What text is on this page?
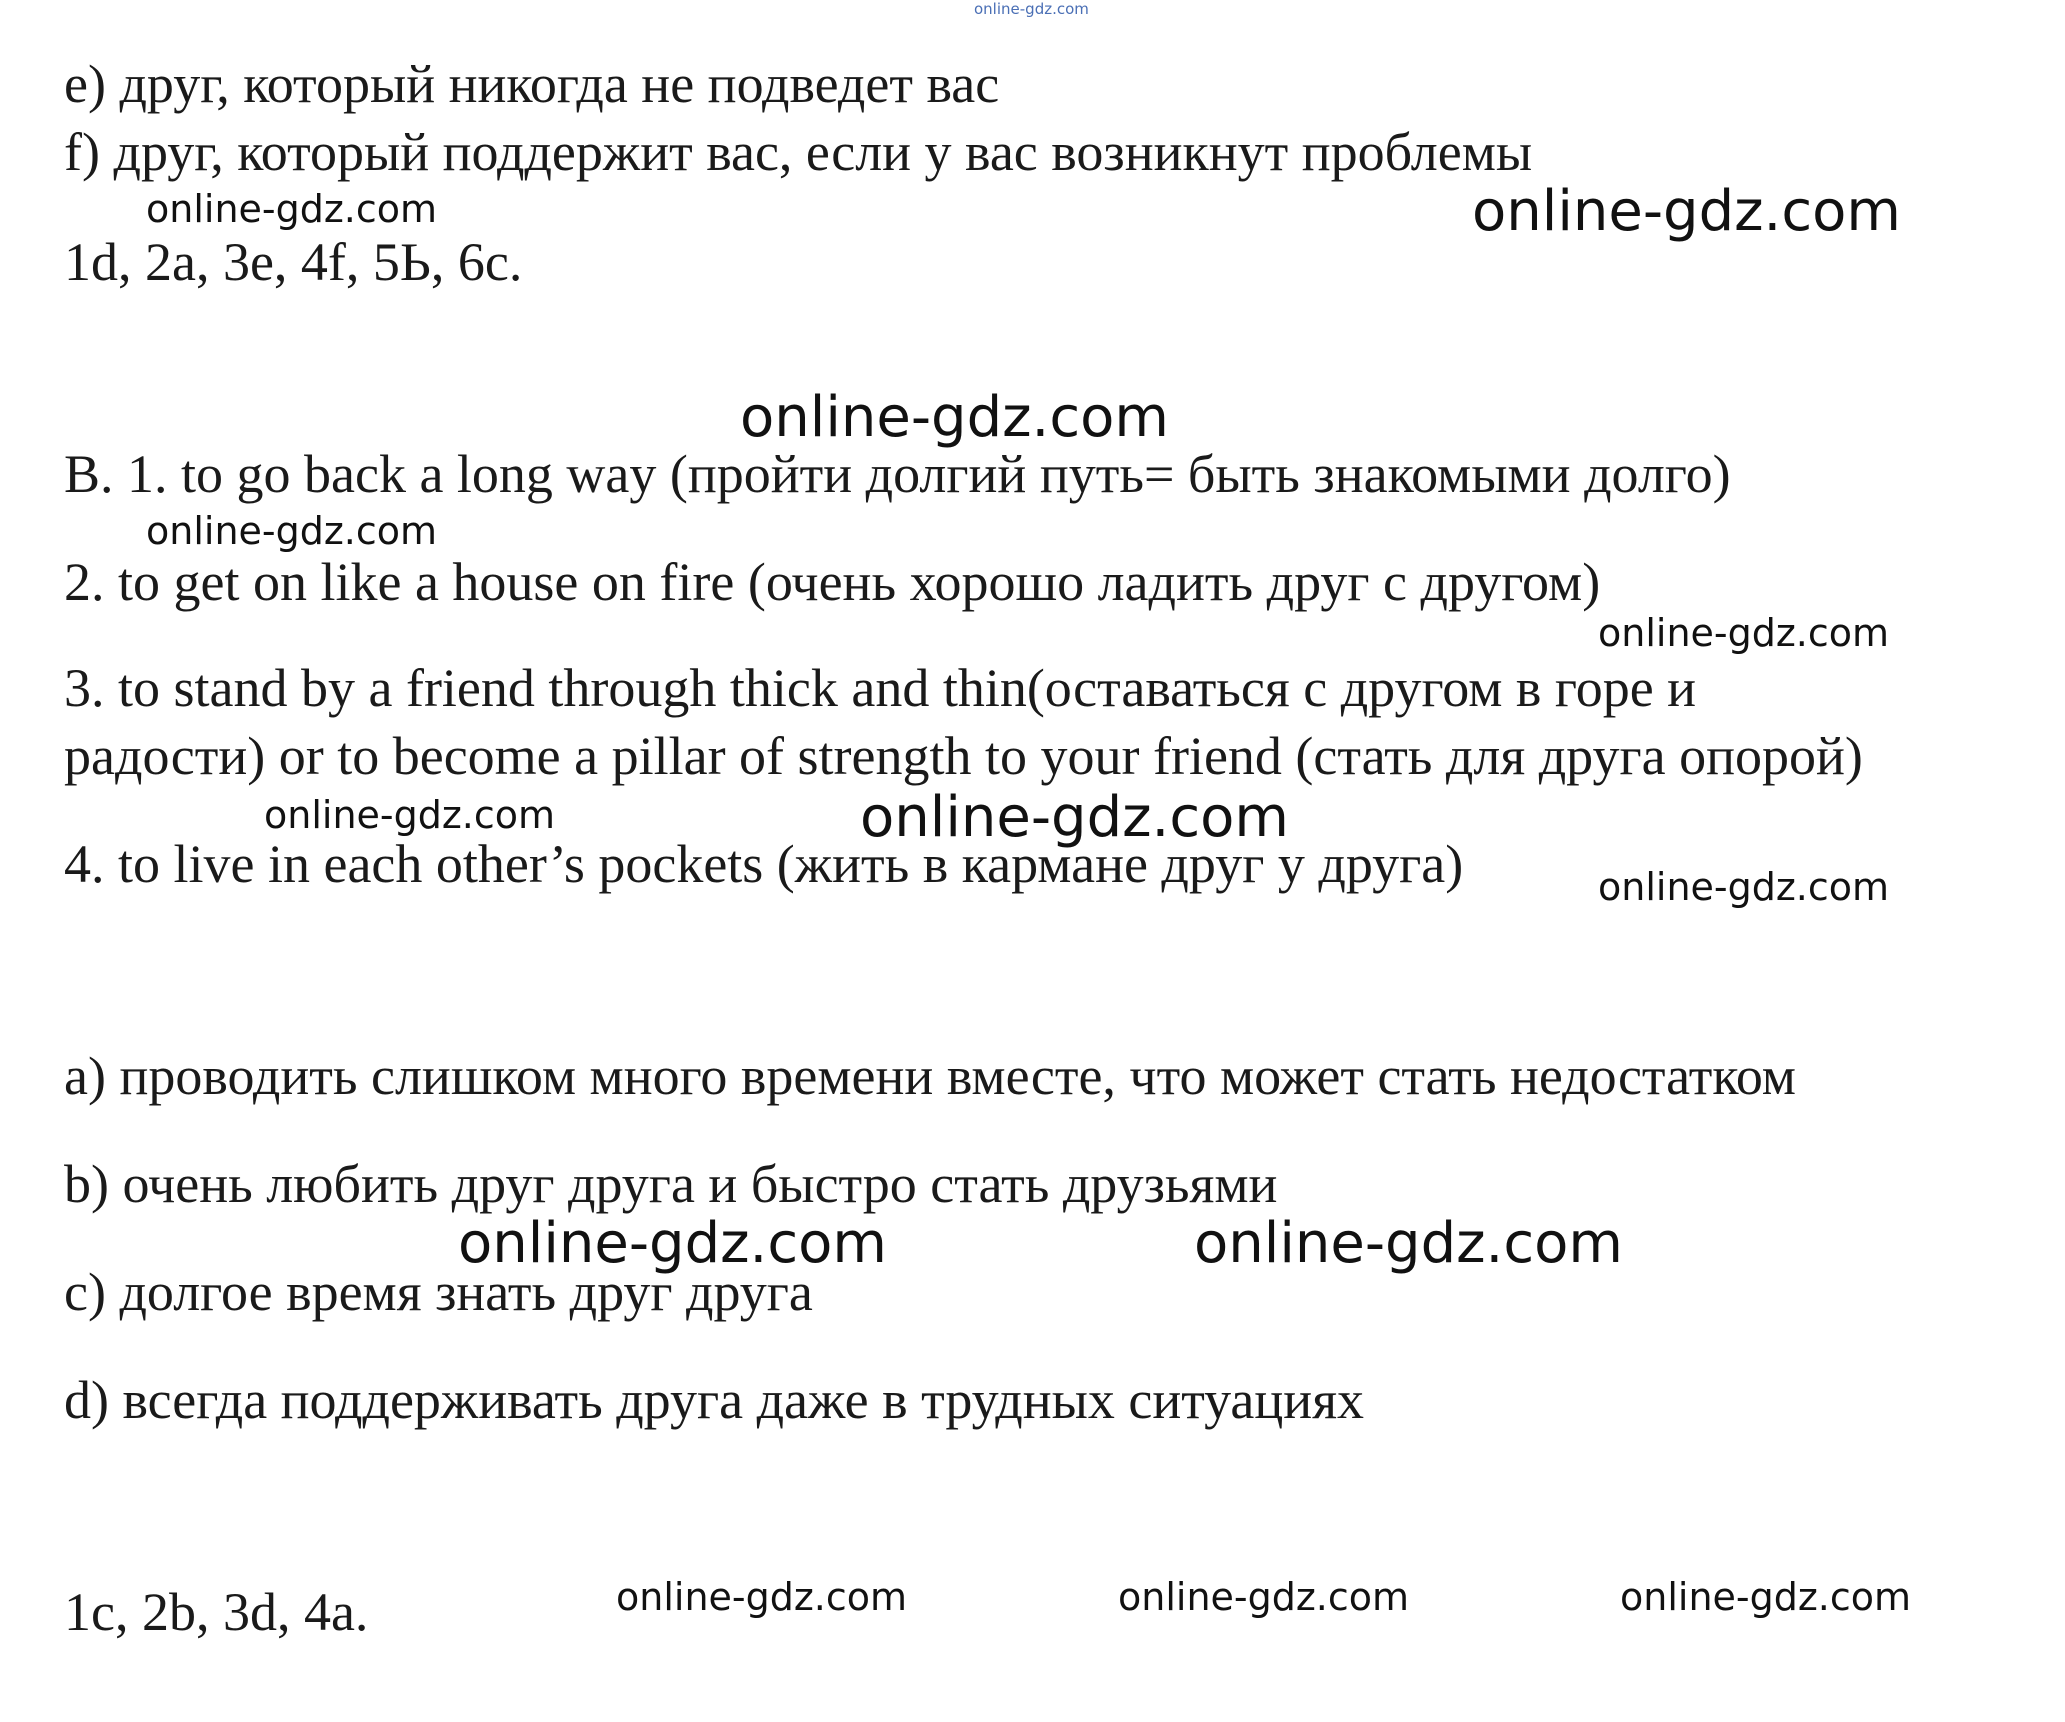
online-gdz.com

e) друг, который никогда не подведет вас

f) друг, который поддержит вас, если у вас возникнут проблемы

online-gdz.com	online-gdz.com

1d, 2a, 3e, 4f, 5Ь, 6c.

online-gdz.com

B. 1. to go back a long way (пройти долгий путь= быть знакомыми долго)

online-gdz.com

2. to get on like a house on fire (очень хорошо ладить друг с другом)

online-gdz.com

3. to stand by a friend through thick and thin(оставаться с другом в горе и

радости) or to become a pillar of strength to your friend (стать для друга опорой)

online-gdz.com	online-gdz.com

4. to live in each other’s pockets (жить в кармане друг у друга)	online-gdz.com

a) проводить слишком много времени вместе, что может стать недостатком

b) очень любить друг друга и быстро стать друзьями

online-gdz.com	online-gdz.com

c) долгое время знать друг друга

d) всегда поддерживать друга даже в трудных ситуациях

1c, 2b, 3d, 4a.	online-gdz.com	online-gdz.com	online-gdz.com
